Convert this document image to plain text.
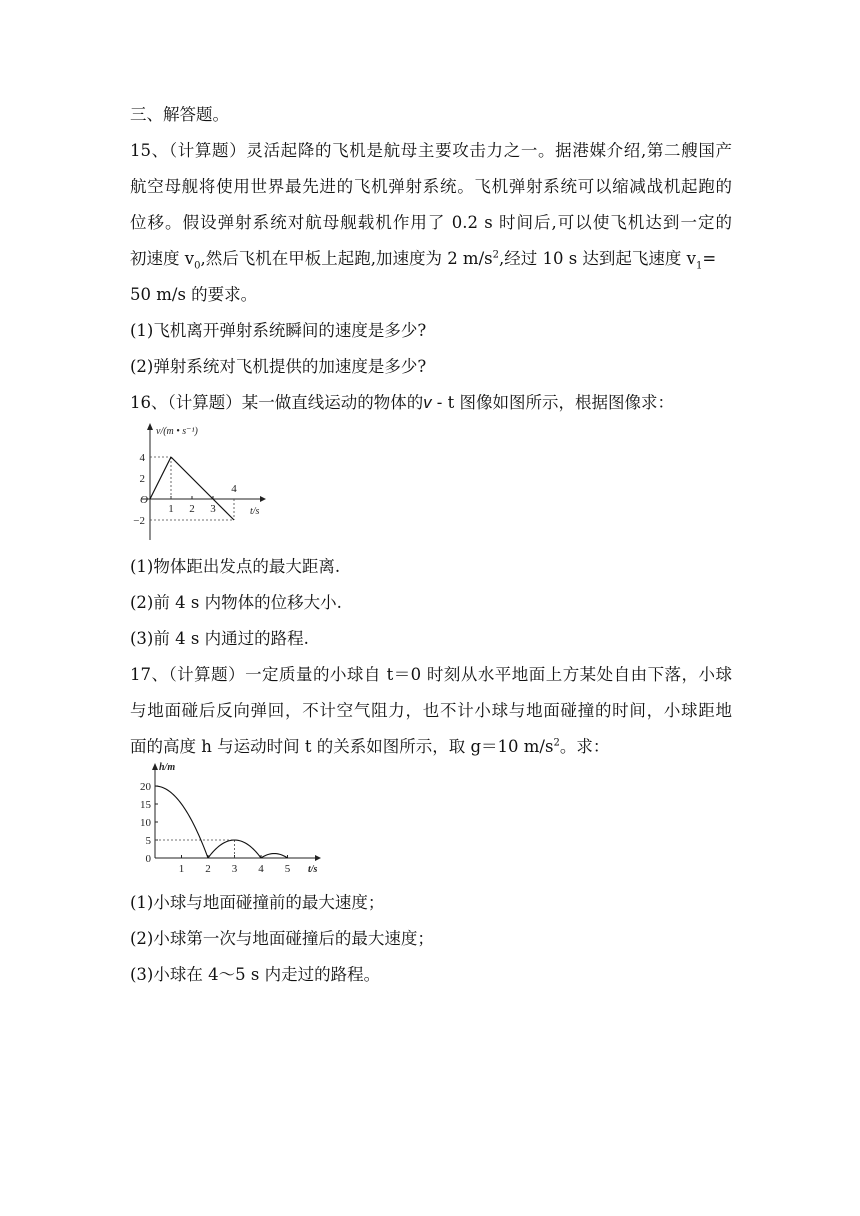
三、解答题。
15、（计算题）灵活起降的飞机是航母主要攻击力之一。据港媒介绍,第二艘国产
航空母舰将使用世界最先进的飞机弹射系统。飞机弹射系统可以缩减战机起跑的
位移。假设弹射系统对航母舰载机作用了 0.2 s 时间后,可以使飞机达到一定的
初速度 $v_0$,然后飞机在甲板上起跑,加速度为 2 $m/s^2$,经过 10 s 达到起飞速度 $v_1=$
50 m/s 的要求。
(1)飞机离开弹射系统瞬间的速度是多少?
(2)弹射系统对飞机提供的加速度是多少?
16、（计算题）某一做直线运动的物体的v - t 图像如图所示，根据图像求：
v/(m • s⁻¹)
t/s
O
4
2
−2
1 2 3
4
(1)物体距出发点的最大距离.
(2)前 4 s 内物体的位移大小.
(3)前 4 s 内通过的路程.
17、（计算题）一定质量的小球自 t＝0 时刻从水平地面上方某处自由下落，小球
与地面碰后反向弹回，不计空气阻力，也不计小球与地面碰撞的时间，小球距地
面的高度 h 与运动时间 t 的关系如图所示，取 g＝10 $m/s^2$。求：
h/m
t/s
20
15
10
5
0
1 2 3 4 5
(1)小球与地面碰撞前的最大速度；
(2)小球第一次与地面碰撞后的最大速度；
(3)小球在 4～5 s 内走过的路程。
